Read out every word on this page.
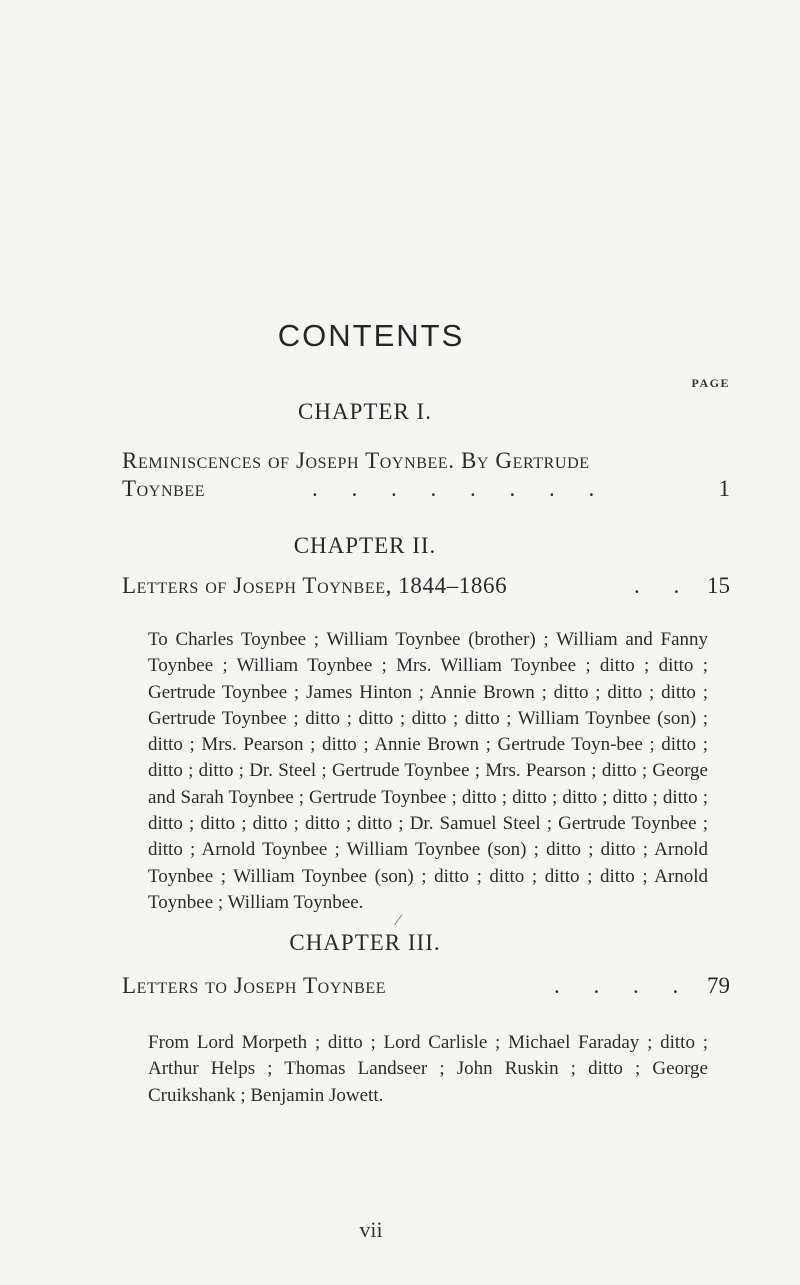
CONTENTS
PAGE
CHAPTER I.
Reminiscences of Joseph Toynbee. By Gertrude
Toynbee	. . . . . . . .	1
CHAPTER II.
Letters of Joseph Toynbee, 1844–1866	. . 15
To Charles Toynbee ; William Toynbee (brother) ; William and Fanny Toynbee ; William Toynbee ; Mrs. William Toynbee ; ditto ; ditto ; Gertrude Toynbee ; James Hinton ; Annie Brown ; ditto ; ditto ; ditto ; Gertrude Toynbee ; ditto ; ditto ; ditto ; ditto ; William Toynbee (son) ; ditto ; Mrs. Pearson ; ditto ; Annie Brown ; Gertrude Toyn-bee ; ditto ; ditto ; ditto ; Dr. Steel ; Gertrude Toynbee ; Mrs. Pearson ; ditto ; George and Sarah Toynbee ; Gertrude Toynbee ; ditto ; ditto ; ditto ; ditto ; ditto ; ditto ; ditto ; ditto ; ditto ; ditto ; Dr. Samuel Steel ; Gertrude Toynbee ; ditto ; Arnold Toynbee ; William Toynbee (son) ; ditto ; ditto ; Arnold Toynbee ; William Toynbee (son) ; ditto ; ditto ; ditto ; ditto ; Arnold Toynbee ; William Toynbee.
⁄
CHAPTER III.
Letters to Joseph Toynbee	. . . . 79
From Lord Morpeth ; ditto ; Lord Carlisle ; Michael Faraday ; ditto ; Arthur Helps ; Thomas Landseer ; John Ruskin ; ditto ; George Cruikshank ; Benjamin Jowett.
vii
